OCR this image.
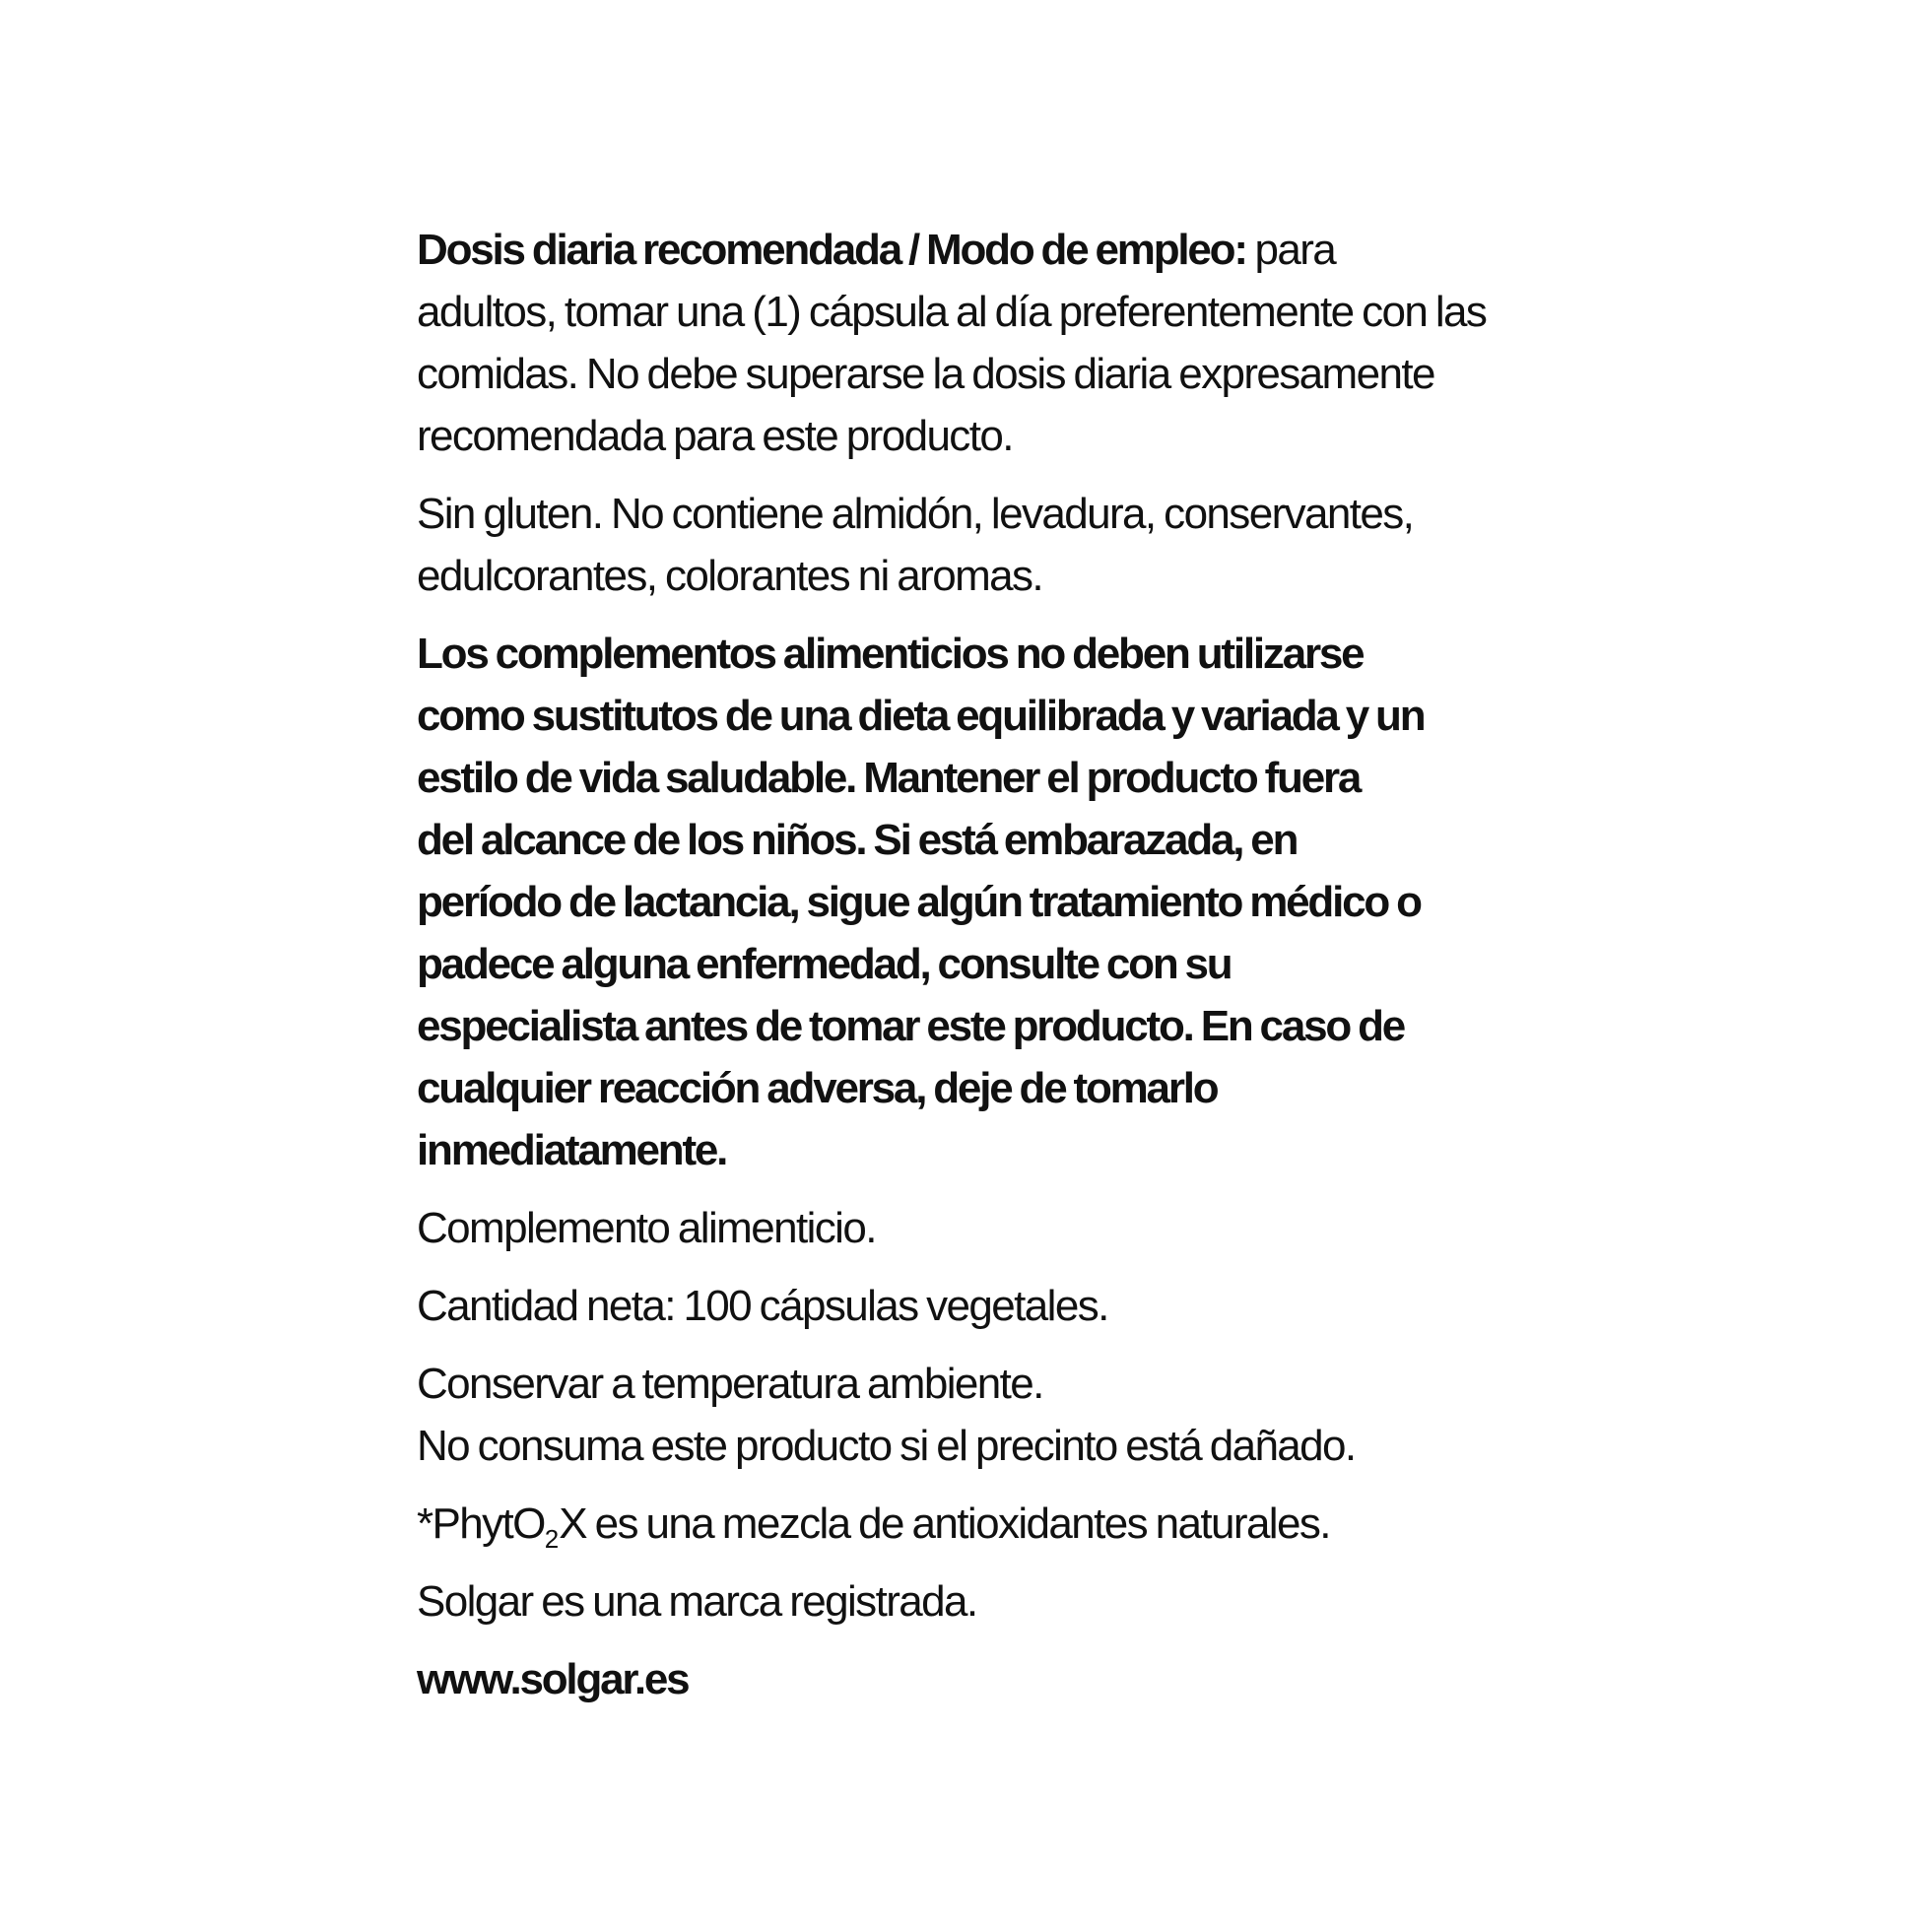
Dosis diaria recomendada / Modo de empleo: para
adultos, tomar una (1) cápsula al día preferentemente con las
comidas. No debe superarse la dosis diaria expresamente
recomendada para este producto.

Sin gluten. No contiene almidón, levadura, conservantes,
edulcorantes, colorantes ni aromas.

Los complementos alimenticios no deben utilizarse
como sustitutos de una dieta equilibrada y variada y un
estilo de vida saludable. Mantener el producto fuera
del alcance de los niños. Si está embarazada, en
período de lactancia, sigue algún tratamiento médico o
padece alguna enfermedad, consulte con su
especialista antes de tomar este producto. En caso de
cualquier reacción adversa, deje de tomarlo
inmediatamente.

Complemento alimenticio.

Cantidad neta: 100 cápsulas vegetales.

Conservar a temperatura ambiente.
No consuma este producto si el precinto está dañado.

*PhytO$_2$X es una mezcla de antioxidantes naturales.

Solgar es una marca registrada.

www.solgar.es
